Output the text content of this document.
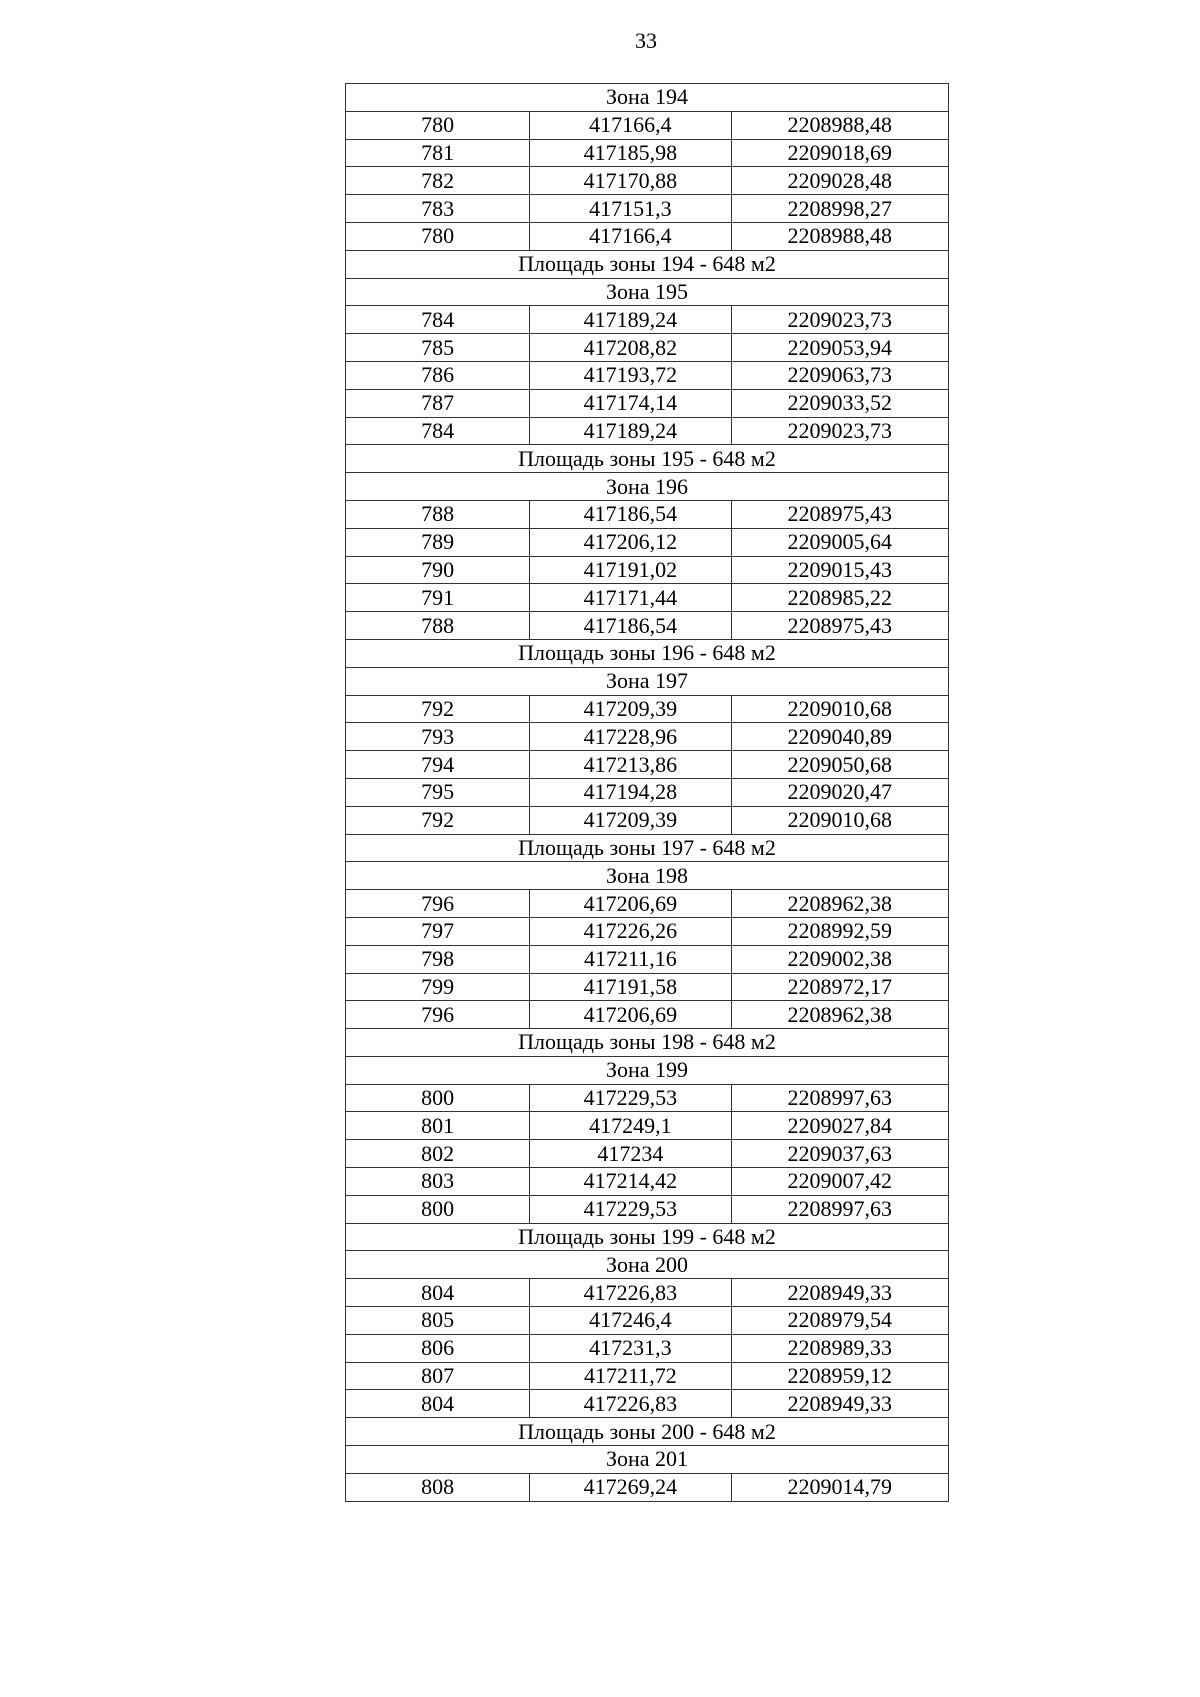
33
Зона 194		
780	417166,4	2208988,48
781	417185,98	2209018,69
782	417170,88	2209028,48
783	417151,3	2208998,27
780	417166,4	2208988,48
Площадь зоны 194 - 648 м2		
Зона 195		
784	417189,24	2209023,73
785	417208,82	2209053,94
786	417193,72	2209063,73
787	417174,14	2209033,52
784	417189,24	2209023,73
Площадь зоны 195 - 648 м2		
Зона 196		
788	417186,54	2208975,43
789	417206,12	2209005,64
790	417191,02	2209015,43
791	417171,44	2208985,22
788	417186,54	2208975,43
Площадь зоны 196 - 648 м2		
Зона 197		
792	417209,39	2209010,68
793	417228,96	2209040,89
794	417213,86	2209050,68
795	417194,28	2209020,47
792	417209,39	2209010,68
Площадь зоны 197 - 648 м2		
Зона 198		
796	417206,69	2208962,38
797	417226,26	2208992,59
798	417211,16	2209002,38
799	417191,58	2208972,17
796	417206,69	2208962,38
Площадь зоны 198 - 648 м2		
Зона 199		
800	417229,53	2208997,63
801	417249,1	2209027,84
802	417234	2209037,63
803	417214,42	2209007,42
800	417229,53	2208997,63
Площадь зоны 199 - 648 м2		
Зона 200		
804	417226,83	2208949,33
805	417246,4	2208979,54
806	417231,3	2208989,33
807	417211,72	2208959,12
804	417226,83	2208949,33
Площадь зоны 200 - 648 м2		
Зона 201		
808	417269,24	2209014,79
